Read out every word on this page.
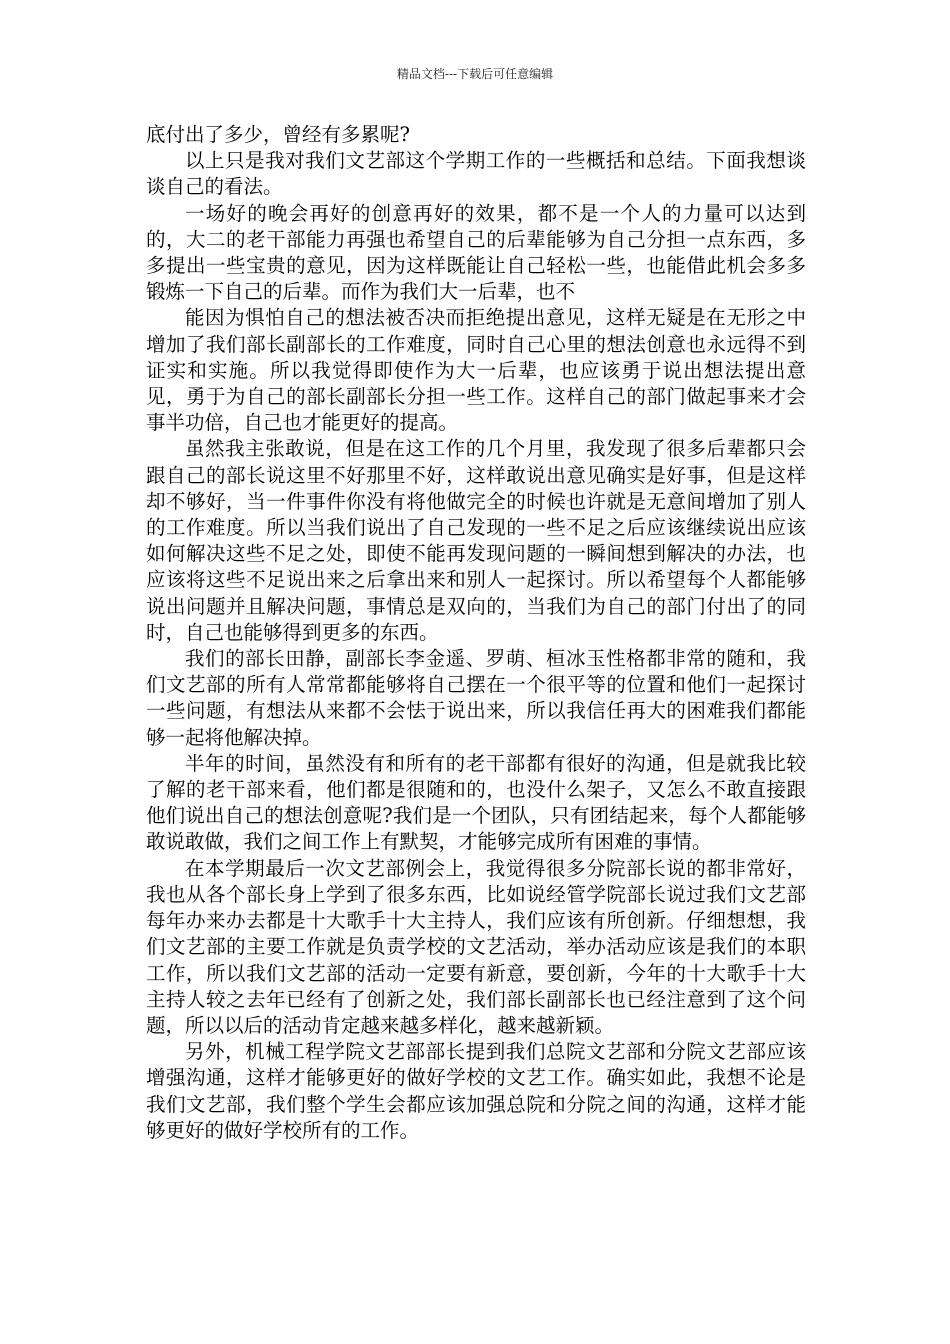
精品文档---下载后可任意编辑

底付出了多少，曾经有多累呢?

以上只是我对我们文艺部这个学期工作的一些概括和总结。下面我想谈谈自己的看法。

一场好的晚会再好的创意再好的效果，都不是一个人的力量可以达到的，大二的老干部能力再强也希望自己的后辈能够为自己分担一点东西，多多提出一些宝贵的意见，因为这样既能让自己轻松一些，也能借此机会多多锻炼一下自己的后辈。而作为我们大一后辈，也不

能因为惧怕自己的想法被否决而拒绝提出意见，这样无疑是在无形之中增加了我们部长副部长的工作难度，同时自己心里的想法创意也永远得不到证实和实施。所以我觉得即使作为大一后辈，也应该勇于说出想法提出意见，勇于为自己的部长副部长分担一些工作。这样自己的部门做起事来才会事半功倍，自己也才能更好的提高。

虽然我主张敢说，但是在这工作的几个月里，我发现了很多后辈都只会跟自己的部长说这里不好那里不好，这样敢说出意见确实是好事，但是这样却不够好，当一件事件你没有将他做完全的时候也许就是无意间增加了别人的工作难度。所以当我们说出了自己发现的一些不足之后应该继续说出应该如何解决这些不足之处，即使不能再发现问题的一瞬间想到解决的办法，也应该将这些不足说出来之后拿出来和别人一起探讨。所以希望每个人都能够说出问题并且解决问题，事情总是双向的，当我们为自己的部门付出了的同时，自己也能够得到更多的东西。

我们的部长田静，副部长李金遥、罗萌、桓冰玉性格都非常的随和，我们文艺部的所有人常常都能够将自己摆在一个很平等的位置和他们一起探讨一些问题，有想法从来都不会怯于说出来，所以我信任再大的困难我们都能够一起将他解决掉。

半年的时间，虽然没有和所有的老干部都有很好的沟通，但是就我比较了解的老干部来看，他们都是很随和的，也没什么架子，又怎么不敢直接跟他们说出自己的想法创意呢?我们是一个团队，只有团结起来，每个人都能够敢说敢做，我们之间工作上有默契，才能够完成所有困难的事情。

在本学期最后一次文艺部例会上，我觉得很多分院部长说的都非常好，我也从各个部长身上学到了很多东西，比如说经管学院部长说过我们文艺部每年办来办去都是十大歌手十大主持人，我们应该有所创新。仔细想想，我们文艺部的主要工作就是负责学校的文艺活动，举办活动应该是我们的本职工作，所以我们文艺部的活动一定要有新意，要创新，今年的十大歌手十大主持人较之去年已经有了创新之处，我们部长副部长也已经注意到了这个问题，所以以后的活动肯定越来越多样化，越来越新颖。

另外，机械工程学院文艺部部长提到我们总院文艺部和分院文艺部应该增强沟通，这样才能够更好的做好学校的文艺工作。确实如此，我想不论是我们文艺部，我们整个学生会都应该加强总院和分院之间的沟通，这样才能够更好的做好学校所有的工作。
